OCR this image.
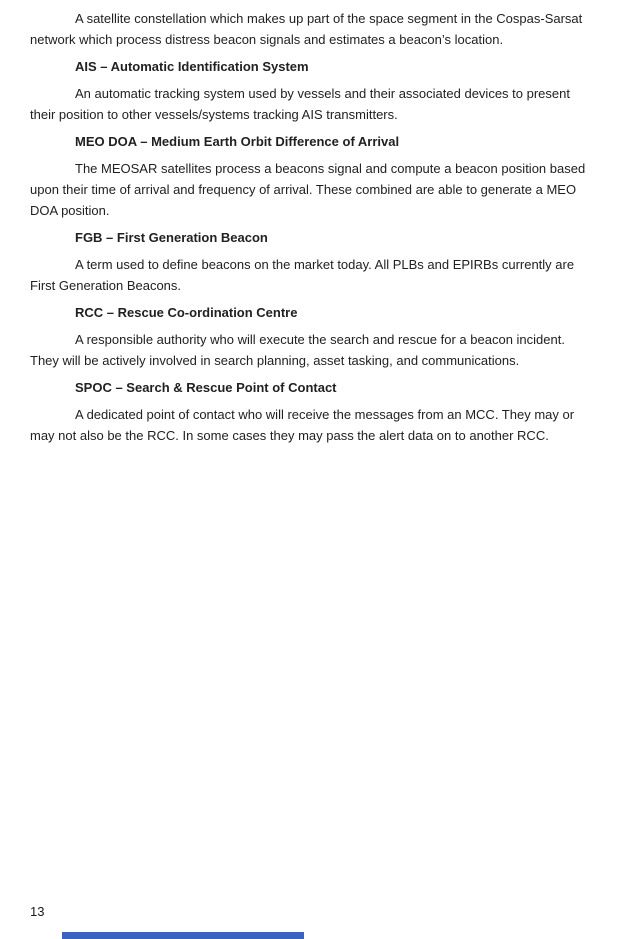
A satellite constellation which makes up part of the space segment in the Cospas-Sarsat network which process distress beacon signals and estimates a beacon’s location.

AIS – Automatic Identification System

An automatic tracking system used by vessels and their associated devices to present their position to other vessels/systems tracking AIS transmitters.

MEO DOA – Medium Earth Orbit Difference of Arrival

The MEOSAR satellites process a beacons signal and compute a beacon position based upon their time of arrival and frequency of arrival. These combined are able to generate a MEO DOA position.

FGB – First Generation Beacon

A term used to define beacons on the market today. All PLBs and EPIRBs currently are First Generation Beacons.

RCC – Rescue Co-ordination Centre

A responsible authority who will execute the search and rescue for a beacon incident. They will be actively involved in search planning, asset tasking, and communications.

SPOC – Search & Rescue Point of Contact

A dedicated point of contact who will receive the messages from an MCC. They may or may not also be the RCC. In some cases they may pass the alert data on to another RCC.

13
